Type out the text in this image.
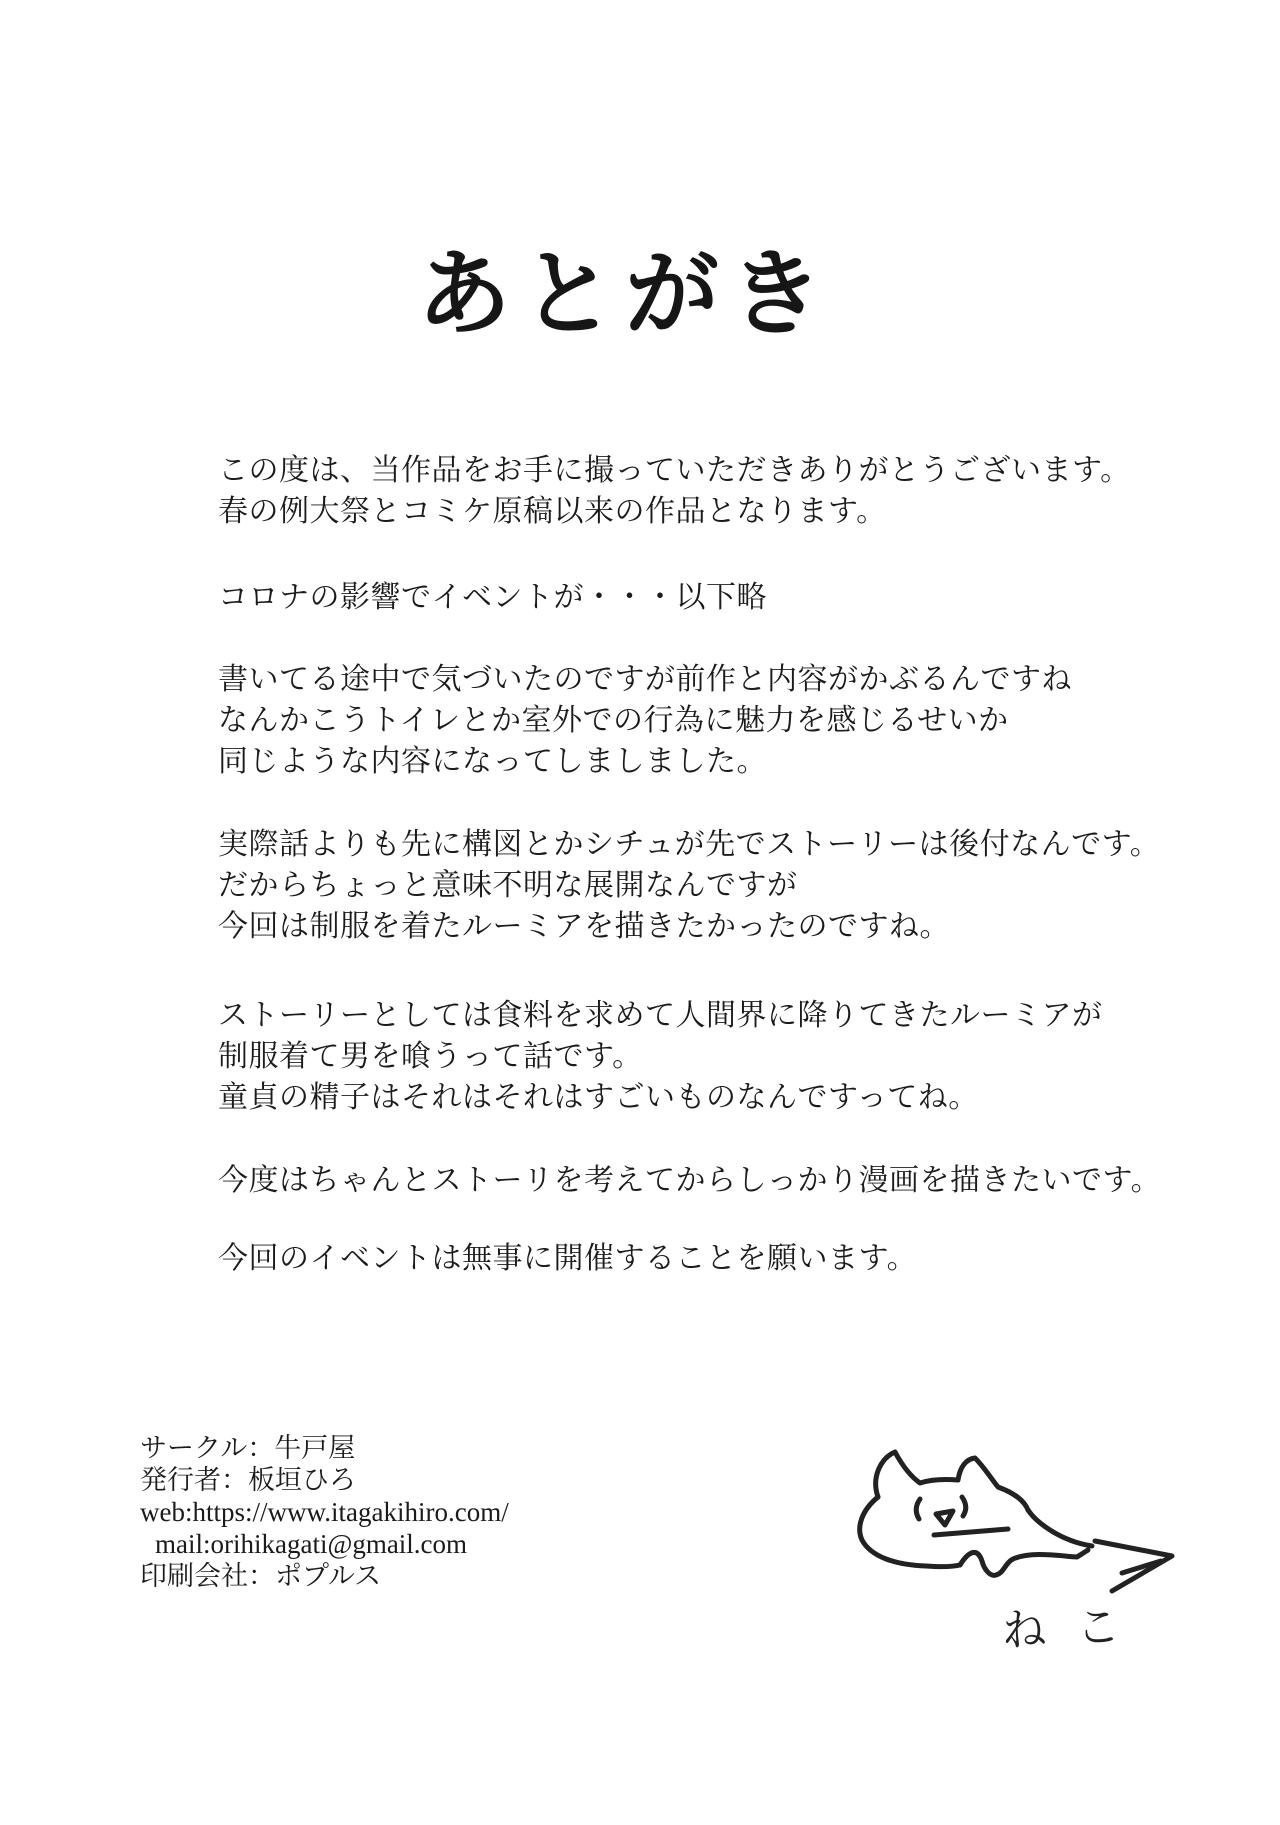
あとがき
この度は、当作品をお手に撮っていただきありがとうございます。
春の例大祭とコミケ原稿以来の作品となります。
コロナの影響でイベントが・・・以下略
書いてる途中で気づいたのですが前作と内容がかぶるんですね
なんかこうトイレとか室外での行為に魅力を感じるせいか
同じような内容になってしましました。
実際話よりも先に構図とかシチュが先でストーリーは後付なんです。
だからちょっと意味不明な展開なんですが
今回は制服を着たルーミアを描きたかったのですね。
ストーリーとしては食料を求めて人間界に降りてきたルーミアが
制服着て男を喰うって話です。
童貞の精子はそれはそれはすごいものなんですってね。
今度はちゃんとストーリを考えてからしっかり漫画を描きたいです。
今回のイベントは無事に開催することを願います。
サークル：牛戸屋
発行者：板垣ひろ
web:https://www.itagakihiro.com/
mail:orihikagati@gmail.com
印刷会社：ポプルス
ねこ
